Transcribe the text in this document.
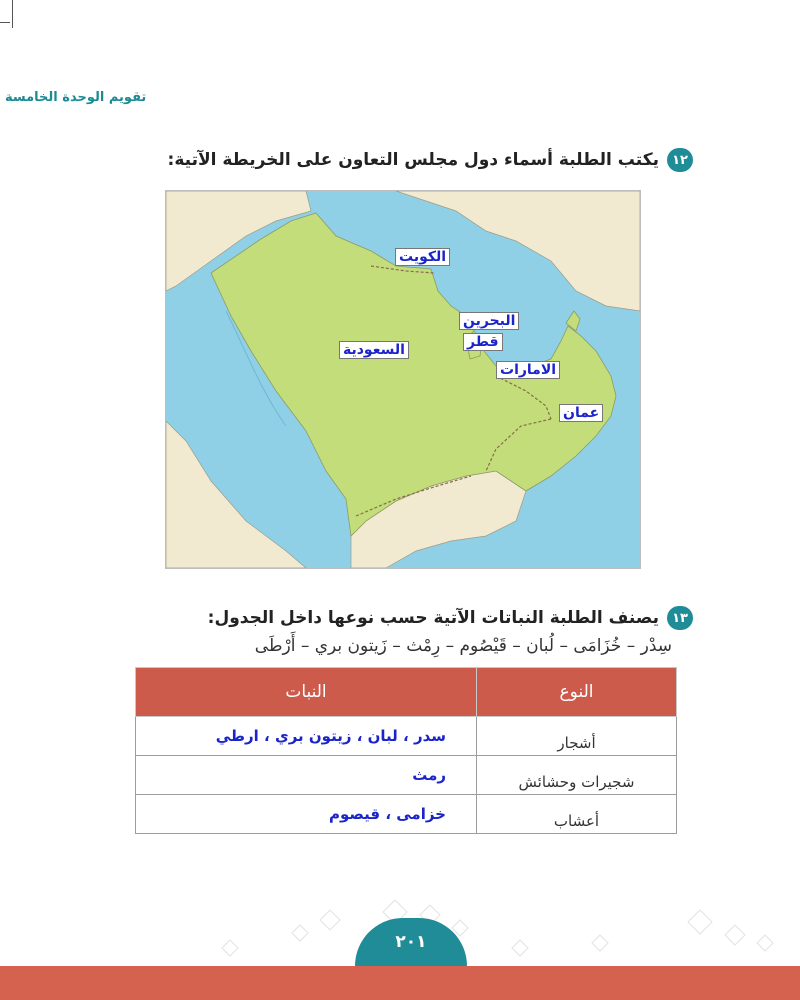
تقويم الوحدة الخامسة
١٢
يكتب الطلبة أسماء دول مجلس التعاون على الخريطة الآتية:
الكويت
البحرين
قطر
السعودية
الامارات
عمان
١٣
يصنف الطلبة النباتات الآتية حسب نوعها داخل الجدول:
سِدْر – خُزَامَى – لُبان – قَيْصُوم – رِمْث – زَيتون بري – أَرْطَى
النوع	النبات
أشجار	سدر ، لبان ، زيتون بري ، ارطي
شجيرات وحشائش	رمث
أعشاب	خزامى ، قيصوم
٢٠١
